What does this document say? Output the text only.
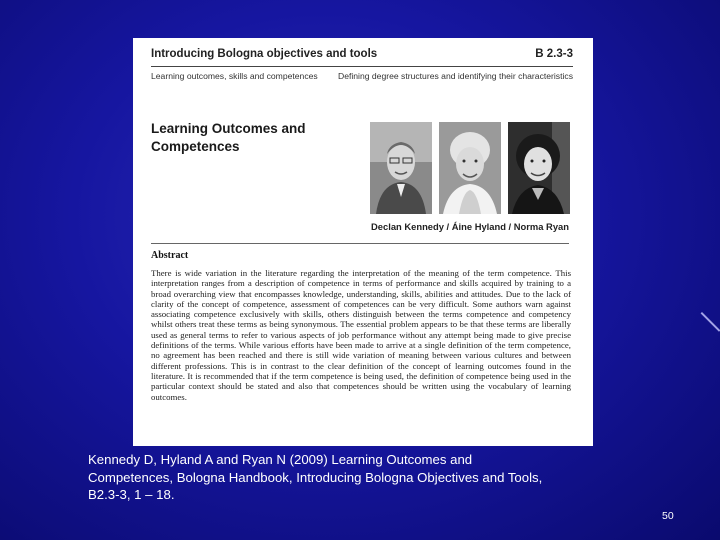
Introducing Bologna objectives and tools	B 2.3-3
Learning outcomes, skills and competences Defining degree structures and identifying their characteristics
Learning Outcomes and
Competences
Declan Kennedy / Áine Hyland / Norma Ryan
Abstract
There is wide variation in the literature regarding the interpretation of the meaning of the term competence. This interpretation ranges from a description of competence in terms of performance and skills acquired by training to a broad overarching view that encompasses knowledge, understanding, skills, abilities and attitudes. Due to the lack of clarity of the concept of competence, assessment of competences can be very difficult. Some authors warn against associating competence exclusively with skills, others distinguish between the terms competence and competency whilst others treat these terms as being synonymous. The essential problem appears to be that these terms are liberally used as general terms to refer to various aspects of job performance without any attempt being made to give precise definitions of the terms. While various efforts have been made to arrive at a single definition of the term competence, no agreement has been reached and there is still wide variation of meaning between various cultures and between different professions. This is in contrast to the clear definition of the concept of learning outcomes found in the literature. It is recommended that if the term competence is being used, the definition of competence being used in the particular context should be stated and also that competences should be written using the vocabulary of learning outcomes.
Kennedy D, Hyland A and Ryan N (2009) Learning Outcomes and
Competences, Bologna Handbook, Introducing Bologna Objectives and Tools,
B2.3-3, 1 – 18.
50
